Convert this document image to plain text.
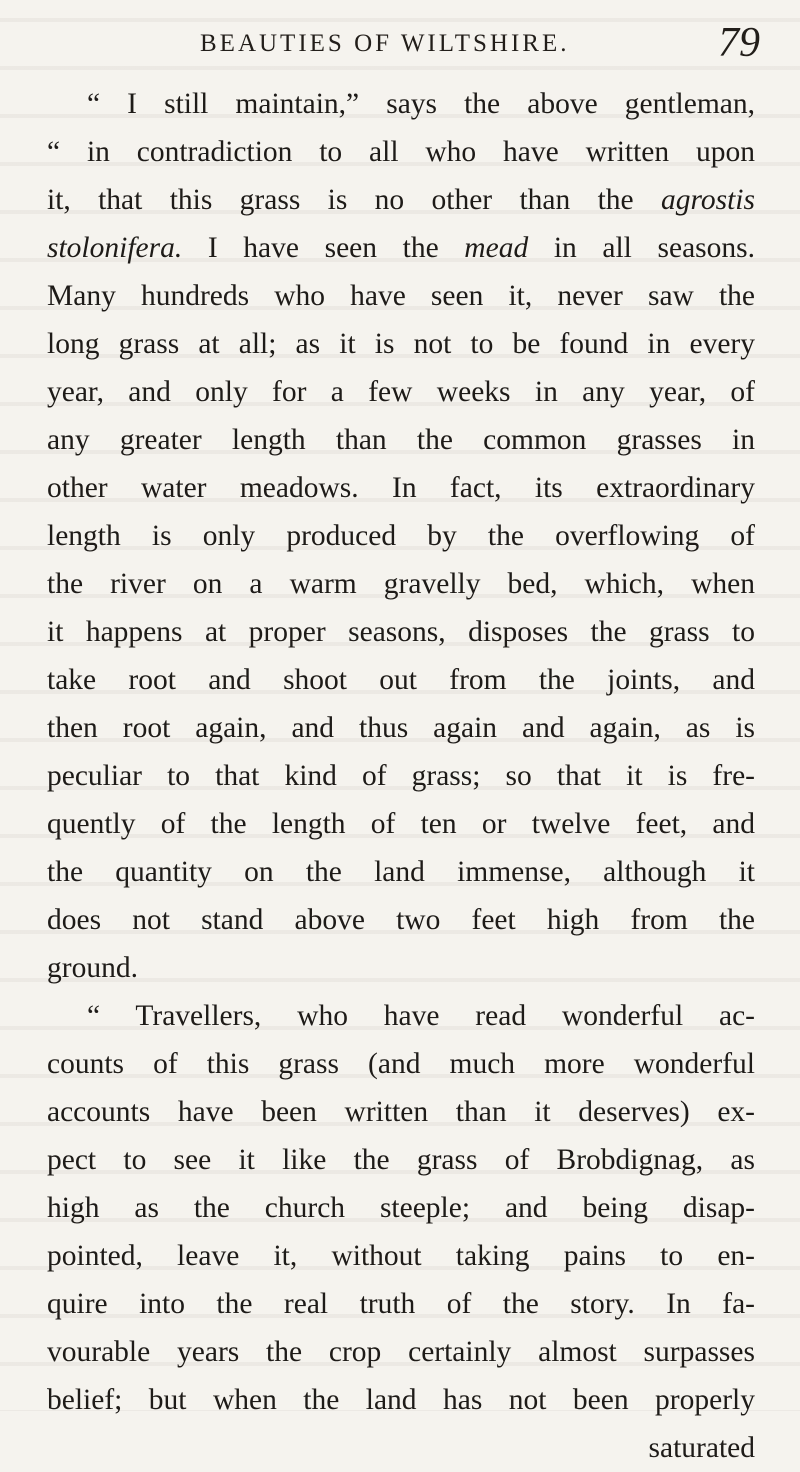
BEAUTIES OF WILTSHIRE.	79
“ I still maintain,” says the above gentleman,
“ in contradiction to all who have written upon
it, that this grass is no other than the agrostis
stolonifera. I have seen the mead in all seasons.
Many hundreds who have seen it, never saw the
long grass at all; as it is not to be found in every
year, and only for a few weeks in any year, of
any greater length than the common grasses in
other water meadows. In fact, its extraordinary
length is only produced by the overflowing of
the river on a warm gravelly bed, which, when
it happens at proper seasons, disposes the grass to
take root and shoot out from the joints, and
then root again, and thus again and again, as is
peculiar to that kind of grass; so that it is fre-
quently of the length of ten or twelve feet, and
the quantity on the land immense, although it
does not stand above two feet high from the
ground.
“ Travellers, who have read wonderful ac-
counts of this grass (and much more wonderful
accounts have been written than it deserves) ex-
pect to see it like the grass of Brobdignag, as
high as the church steeple; and being disap-
pointed, leave it, without taking pains to en-
quire into the real truth of the story. In fa-
vourable years the crop certainly almost surpasses
belief; but when the land has not been properly
saturated
